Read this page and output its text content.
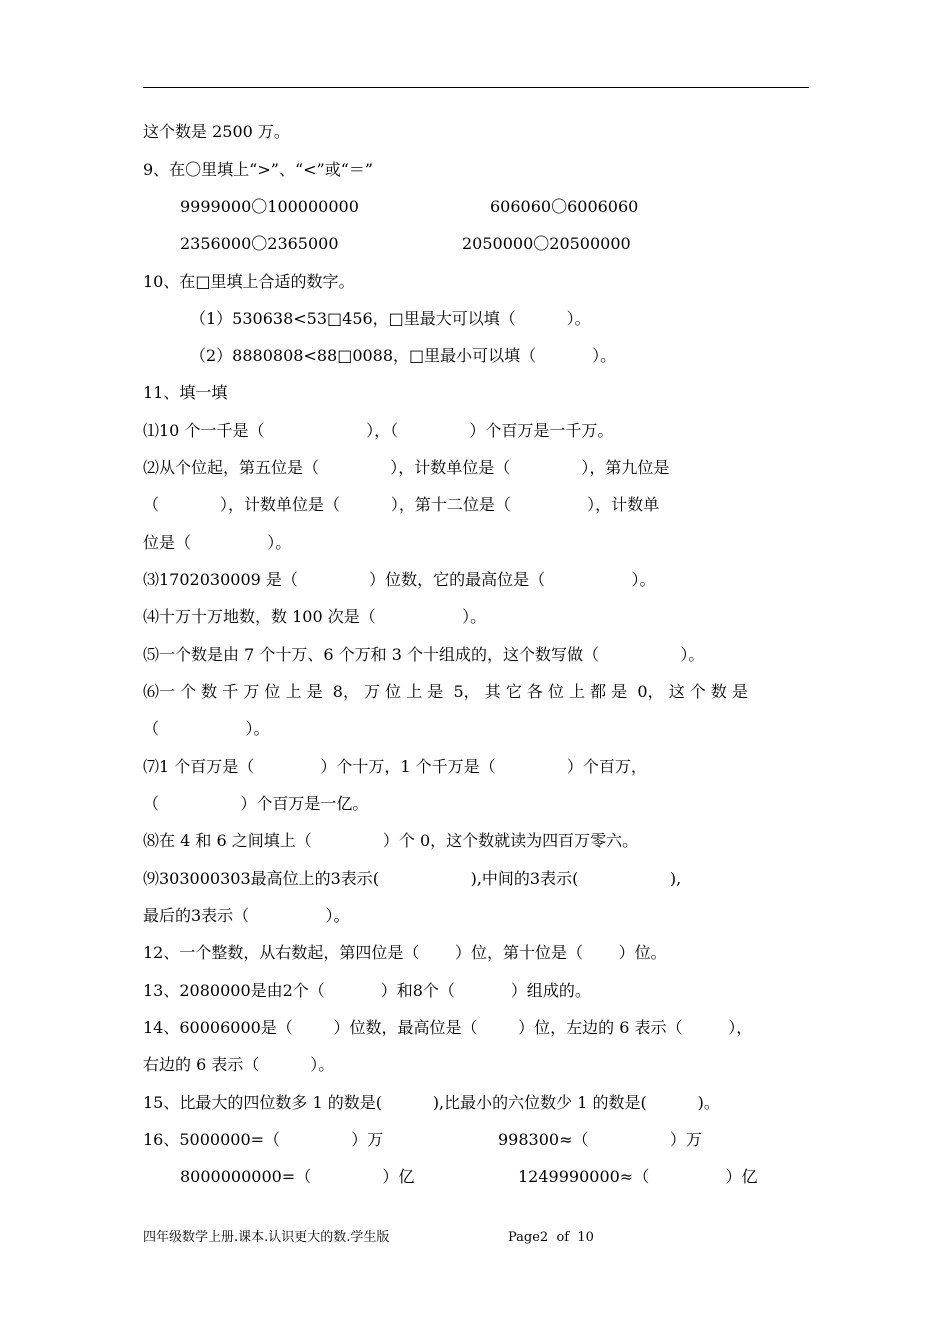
这个数是 2500 万。
9、在〇里填上“>”、“<”或“＝”
9999000〇100000000	606060〇6006060
2356000〇2365000	2050000〇20500000
10、在□里填上合适的数字。
（1）530638<53□456，□里最大可以填（          ）。
（2）8880808<88□0088，□里最小可以填（           ）。
11、填一填
⑴10 个一千是（                    ），（              ）个百万是一千万。
⑵从个位起，第五位是（              ），计数单位是（              ），第九位是
（            ），计数单位是（          ），第十二位是（               ），计数单
位是（               ）。
⑶1702030009 是（              ）位数，它的最高位是（                 ）。
⑷十万十万地数，数 100 次是（                 ）。
⑸一个数是由 7 个十万、6 个万和 3 个十组成的，这个数写做（                ）。
⑹一 个 数 千 万 位 上 是  8， 万 位 上 是  5， 其 它 各 位 上 都 是  0， 这 个 数 是
（                 ）。
⑺1 个百万是（             ）个十万，1 个千万是（              ）个百万，
（                ）个百万是一亿。
⑻在 4 和 6 之间填上（              ）个 0，这个数就读为四百万零六。
⑼303000303最高位上的3表示(                  ),中间的3表示(                  ),
最后的3表示（               ）。
12、一个整数，从右数起，第四位是（       ）位，第十位是（       ）位。
13、2080000是由2个（           ）和8个（           ）组成的。
14、60006000是（        ）位数，最高位是（        ）位，左边的 6 表示（         ），
右边的 6 表示（          ）。
15、比最大的四位数多 1 的数是(          ),比最小的六位数少 1 的数是(          )。
16、5000000=（              ）万	998300≈（                ）万
8000000000=（              ）亿	1249990000≈（               ）亿
四年级数学上册.课本.认识更大的数.学生版	Page2  of  10
